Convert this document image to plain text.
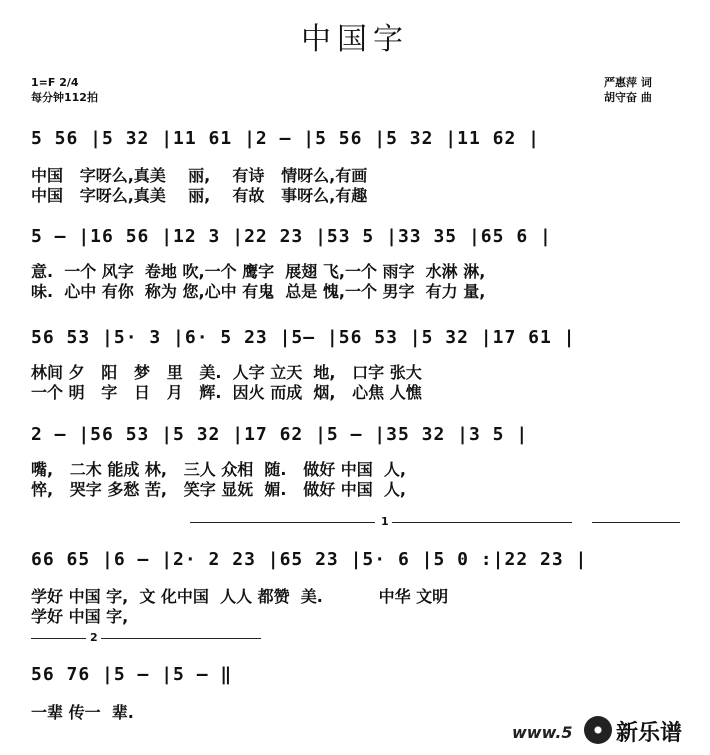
中国字
1=F 2/4
每分钟112拍
严惠萍 词
胡守奋 曲
5 56 |5 32 |11 61 |2 — |5 56 |5 32 |11 62 |
中国   字呀么,真美    丽,    有诗   情呀么,有画
中国   字呀么,真美    丽,    有故   事呀么,有趣
5 — |16 56 |12 3 |22 23 |53 5 |33 35 |65 6 |
意.  一个 风字  卷地 吹,一个 鹰字  展翅 飞,一个 雨字  水淋 淋,
味.  心中 有你  称为 您,心中 有鬼  总是 愧,一个 男字  有力 量,
56 53 |5· 3 |6· 5 23 |5— |56 53 |5 32 |17 61 |
林间 夕   阳   梦   里   美.  人字 立天  地,   口字 张大
一个 明   字   日   月   辉.  因火 而成  烟,   心焦 人憔
2 — |56 53 |5 32 |17 62 |5 — |35 32 |3 5 |
嘴,   二木 能成 林,   三人 众相  随.   做好 中国  人,
悴,   哭字 多愁 苦,   笑字 显妩  媚.   做好 中国  人,
1
66 65 |6 — |2· 2 23 |65 23 |5· 6 |5 0 :|22 23 |
学好 中国 字,  文 化中国  人人 都赞  美.          中华 文明
学好 中国 字,
2
56 76 |5 — |5 — ‖
一辈 传一  辈.
www.5 新乐谱
